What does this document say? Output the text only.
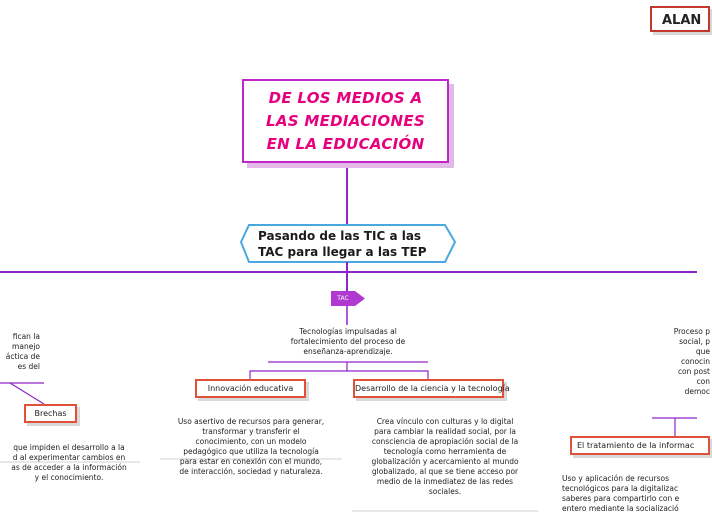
ALAN
DE LOS MEDIOS A
LAS MEDIACIONES
EN LA EDUCACIÓN
Pasando de las TIC a las
TAC para llegar a las TEP
TAC
Tecnologías impulsadas al
fortalecimiento del proceso de
enseñanza-aprendizaje.
Innovación educativa	Desarrollo de la ciencia y la tecnología
Uso asertivo de recursos para generar,
transformar y transferir el
conocimiento, con un modelo
pedagógico que utiliza la tecnología
para estar en conexión con el mundo,
de interacción, sociedad y naturaleza.
Crea vínculo con culturas y lo digital
para cambiar la realidad social, por la
consciencia de apropiación social de la
tecnología como herramienta de
globalización y acercamiento al mundo
globalizado, al que se tiene acceso por
medio de la inmediatez de las redes
sociales.
fican la
manejo
áctica de
es del
Brechas
que impiden el desarrollo a la
d al experimentar cambios en
as de acceder a la información
y el conocimiento.
Proceso p
social, p
que
conocin
con post
con
democ
El tratamiento de la informac
Uso y aplicación de recursos
tecnológicos para la digitalizac
saberes para compartirlo con e
entero mediante la socializació
